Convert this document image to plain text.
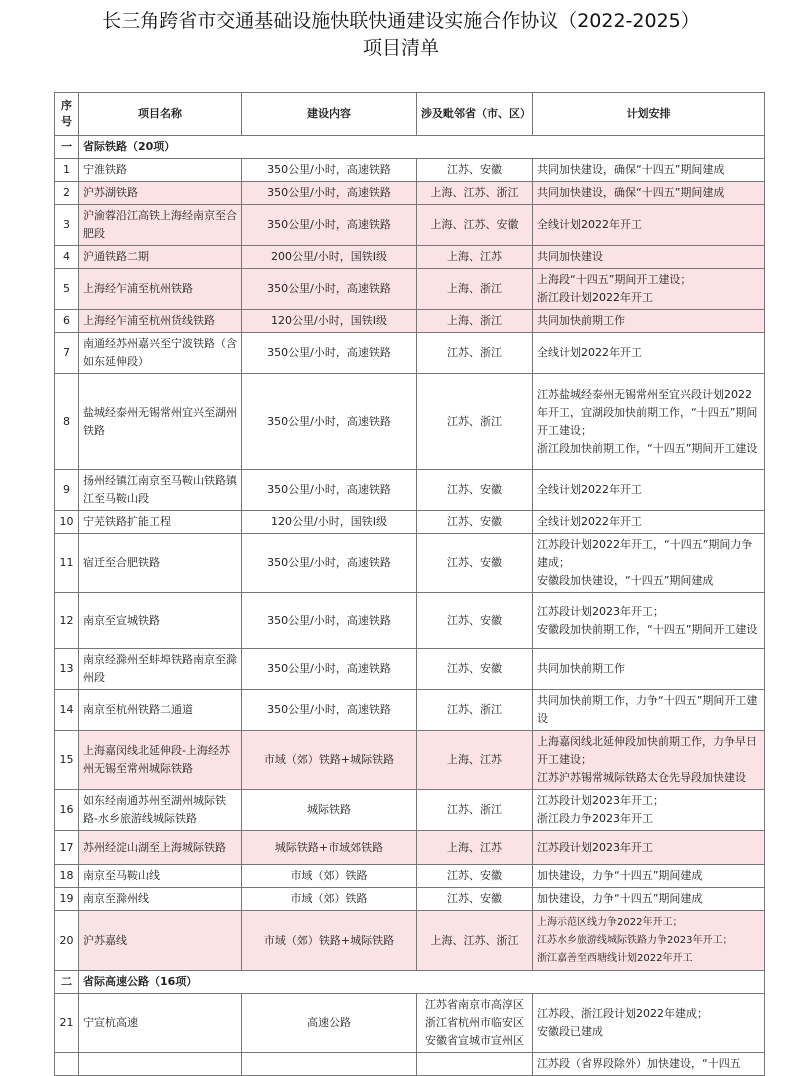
长三角跨省市交通基础设施快联快通建设实施合作协议（2022-2025）
项目清单
序号	项目名称	建设内容	涉及毗邻省（市、区）	计划安排
一	省际铁路（20项）			
1	宁淮铁路	350公里/小时，高速铁路	江苏、安徽	共同加快建设，确保“十四五”期间建成

2	沪苏湖铁路	350公里/小时，高速铁路	上海、江苏、浙江	共同加快建设，确保“十四五”期间建成

3	沪渝蓉沿江高铁上海经南京至合肥段	350公里/小时，高速铁路	上海、江苏、安徽	全线计划2022年开工

4	沪通铁路二期	200公里/小时，国铁Ⅰ级	上海、江苏	共同加快建设

5	上海经乍浦至杭州铁路	350公里/小时，高速铁路	上海、浙江	上海段“十四五”期间开工建设；
浙江段计划2022年开工

6	上海经乍浦至杭州货线铁路	120公里/小时，国铁Ⅰ级	上海、浙江	共同加快前期工作

7	南通经苏州嘉兴至宁波铁路（含如东延伸段）	350公里/小时，高速铁路	江苏、浙江	全线计划2022年开工

8	盐城经泰州无锡常州宜兴至湖州铁路	350公里/小时，高速铁路	江苏、浙江	江苏盐城经泰州无锡常州至宜兴段计划2022年开工，宜湖段加快前期工作，“十四五”期间开工建设；
浙江段加快前期工作，“十四五”期间开工建设

9	扬州经镇江南京至马鞍山铁路镇江至马鞍山段	350公里/小时，高速铁路	江苏、安徽	全线计划2022年开工

10	宁芜铁路扩能工程	120公里/小时，国铁Ⅰ级	江苏、安徽	全线计划2022年开工

11	宿迁至合肥铁路	350公里/小时，高速铁路	江苏、安徽	江苏段计划2022年开工，“十四五”期间力争建成；
安徽段加快建设，“十四五”期间建成

12	南京至宣城铁路	350公里/小时，高速铁路	江苏、安徽	江苏段计划2023年开工；
安徽段加快前期工作，“十四五”期间开工建设

13	南京经滁州至蚌埠铁路南京至滁州段	350公里/小时，高速铁路	江苏、安徽	共同加快前期工作

14	南京至杭州铁路二通道	350公里/小时，高速铁路	江苏、浙江	共同加快前期工作，力争“十四五”期间开工建设

15	上海嘉闵线北延伸段-上海经苏州无锡至常州城际铁路	市域（郊）铁路+城际铁路	上海、江苏	上海嘉闵线北延伸段加快前期工作，力争早日开工建设；
江苏沪苏锡常城际铁路太仓先导段加快建设

16	如东经南通苏州至湖州城际铁路-水乡旅游线城际铁路	城际铁路	江苏、浙江	江苏段计划2023年开工；
浙江段力争2023年开工

17	苏州经淀山湖至上海城际铁路	城际铁路+市域郊铁路	上海、江苏	江苏段计划2023年开工

18	南京至马鞍山线	市域（郊）铁路	江苏、安徽	加快建设，力争“十四五”期间建成

19	南京至滁州线	市域（郊）铁路	江苏、安徽	加快建设，力争“十四五”期间建成

20	沪苏嘉线	市域（郊）铁路+城际铁路	上海、江苏、浙江	上海示范区线力争2022年开工；
江苏水乡旅游线城际铁路力争2023年开工；
浙江嘉善至西塘线计划2022年开工

二	省际高速公路（16项）			
21	宁宣杭高速	高速公路	江苏省南京市高淳区
浙江省杭州市临安区
安徽省宣城市宣州区	江苏段、浙江段计划2022年建成；
安徽段已建成

				江苏段（省界段除外）加快建设，“十四五
